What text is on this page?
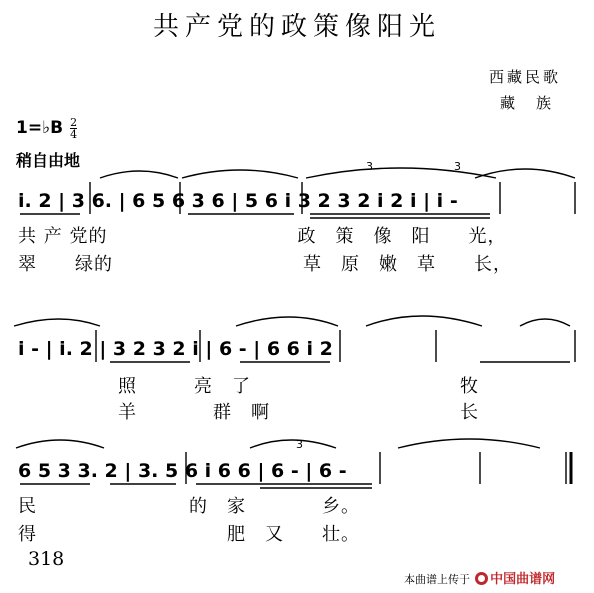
共产党的政策像阳光
西藏民歌
藏　族
1=♭B $\frac{2}{4}$
稍自由地
i. 2 | 3 6. | 6 5 6 3 6 | 5 6 i 3 2 3 2 i 2 i | i -
共 产 党的　　　　　　　　　　政　策　像　阳　　光，
翠　　绿的　　　　　　　　　　草　原　嫩　草　　长，
i - | i. 2 | 3 2 3 2 i | 6 - | 6 6 i 2
照　　　亮　了　　　　　　　　　　　牧
羊　　　　群　啊　　　　　　　　　　长
6 5 3 3. 2 | 3. 5 6 i 6 6 | 6 - | 6 -
民　　　　　　　　的　家　　　　乡。
得　　　　　　　　　　肥　又　　壮。
3	3
3
318
本曲谱上传于 中国曲谱网
